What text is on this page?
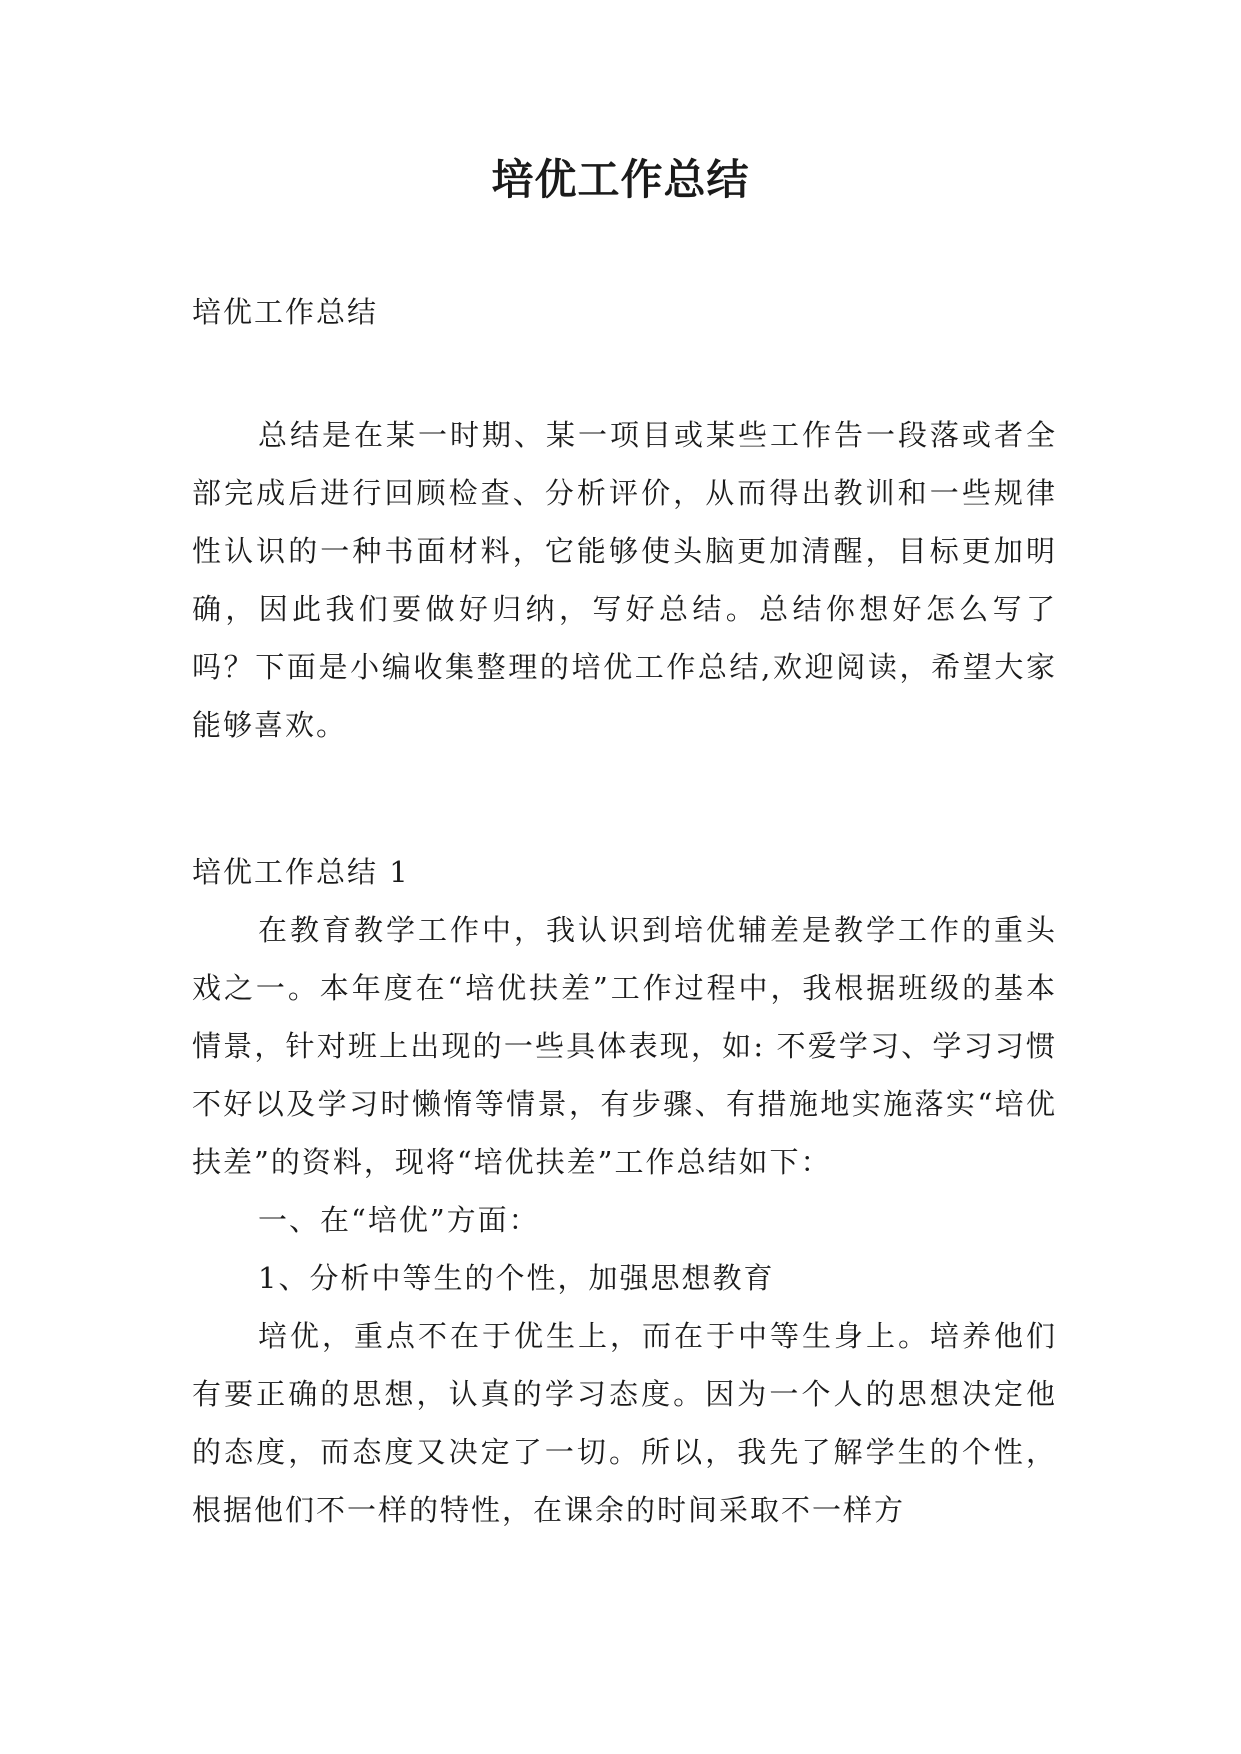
培优工作总结

培优工作总结

总结是在某一时期、某一项目或某些工作告一段落或者全部完成后进行回顾检查、分析评价，从而得出教训和一些规律性认识的一种书面材料，它能够使头脑更加清醒，目标更加明确，因此我们要做好归纳，写好总结。总结你想好怎么写了吗？下面是小编收集整理的培优工作总结,欢迎阅读，希望大家能够喜欢。

培优工作总结 1

在教育教学工作中，我认识到培优辅差是教学工作的重头戏之一。本年度在“培优扶差”工作过程中，我根据班级的基本情景，针对班上出现的一些具体表现，如: 不爱学习、学习习惯不好以及学习时懒惰等情景，有步骤、有措施地实施落实“培优扶差”的资料，现将“培优扶差”工作总结如下：

一、在“培优”方面：

1、分析中等生的个性，加强思想教育

培优，重点不在于优生上，而在于中等生身上。培养他们有要正确的思想，认真的学习态度。因为一个人的思想决定他的态度，而态度又决定了一切。所以，我先了解学生的个性，根据他们不一样的特性，在课余的时间采取不一样方
